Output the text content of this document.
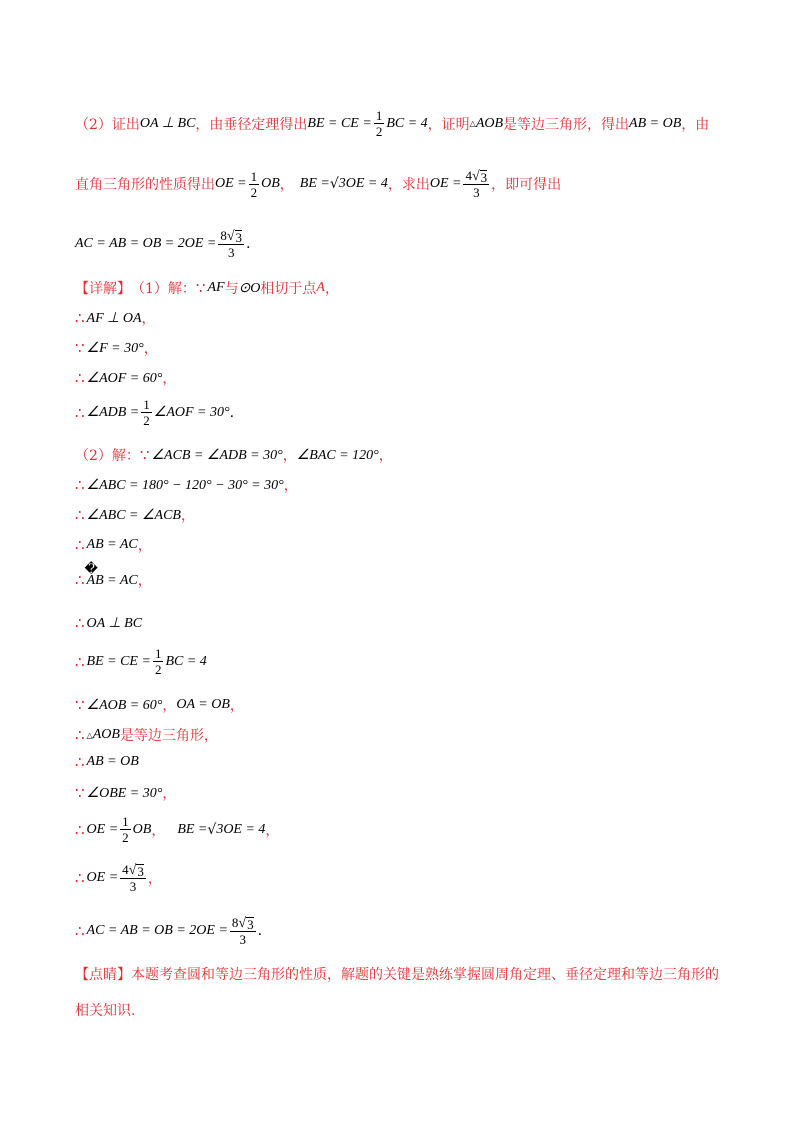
（2）证出 OA ⊥ BC ，由垂径定理得出 BE = CE = $\frac{1}{2}$ BC = 4 ，证明 △ AOB 是等边三角形，得出 AB = OB ，由
直角三角形的性质得出 OE = $\frac{1}{2}$ OB ， BE = √ 3OE = 4 ，求出 OE = $\frac{4 √ 3}{3}$ ，即可得出
AC = AB = OB = $2OE = \frac{8 √ 3}{3}$ .
【详解】 （1）解： ∵ AF 与 ⊙O 相切于点 A ，
∴ AF ⊥ OA ，
∵ ∠F = 30° ，
∴ ∠AOF = 60° ，
∴ ∠ADB = $\frac{1}{2}$ ∠AOF = 30° .
（2）解： ∵ ∠ACB = ∠ADB = 30° ， ∠BAC = 120° ，
∴ ∠ABC = 180° − 120° − 30° = 30° ，
∴ ∠ABC = ∠ACB ，
∴ AB = AC ，
∴
�
AB = AC ，
∴ OA ⊥ BC
∴ BE = CE = $\frac{1}{2}$ BC = 4
∵ ∠AOB = 60° ， OA = OB ，
∴ △ AOB 是等边三角形 ，
∴ AB = OB
∵ ∠OBE = 30° ，
∴ OE = $\frac{1}{2}$ OB ， BE = √ 3OE = 4 ，
∴ OE = $\frac{4 √ 3}{3}$ ，
∴ AC = AB = OB = $2OE = \frac{8 √ 3}{3}$ .
【点睛】 本题考查圆和等边三角形的性质，解题的关键是熟练掌握圆周角定理、垂径定理和等边三角形的
相关知识.
